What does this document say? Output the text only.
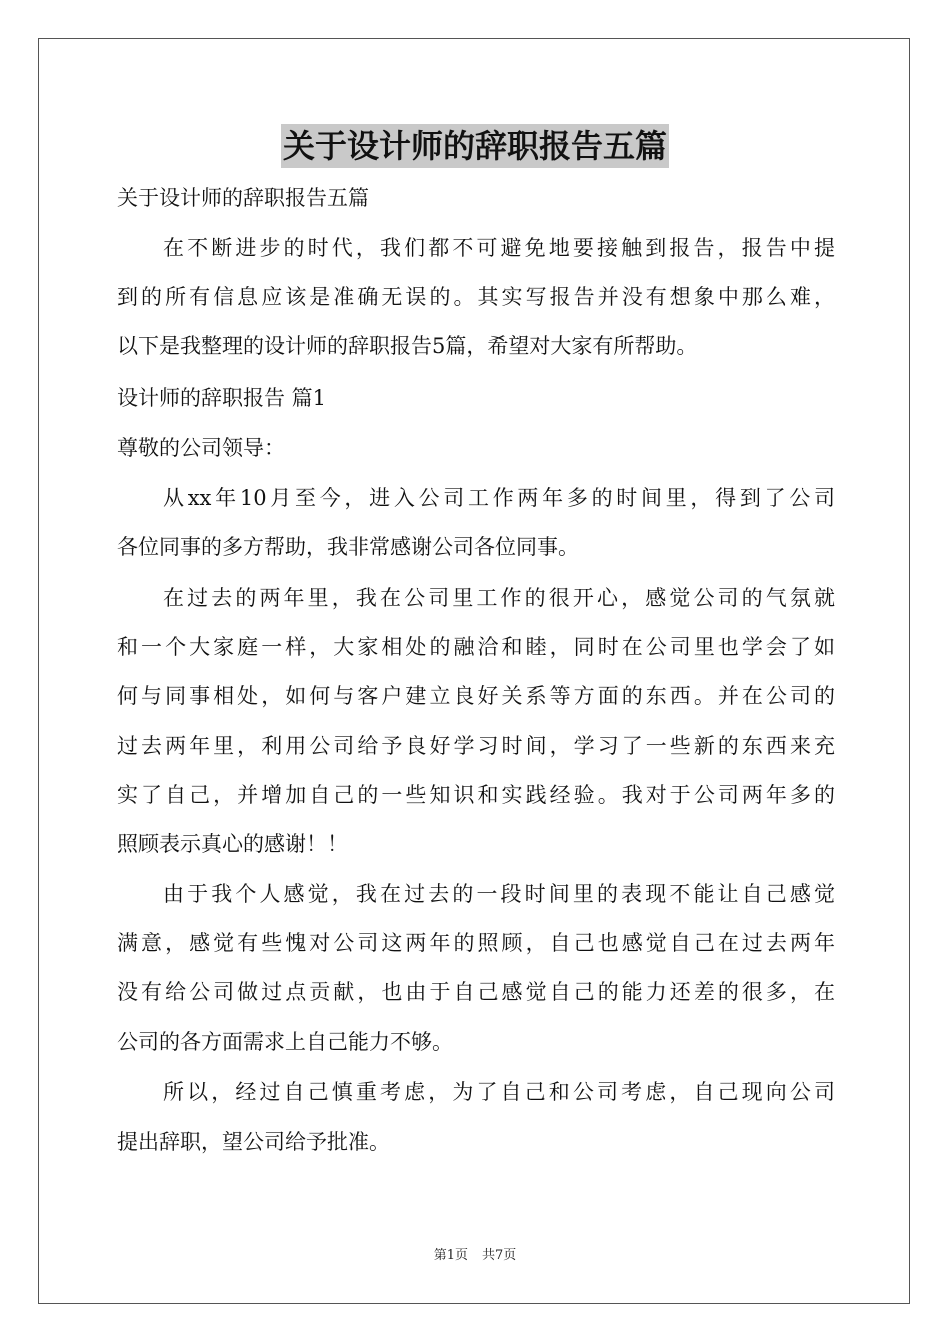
关于设计师的辞职报告五篇
关于设计师的辞职报告五篇
在不断进步的时代，我们都不可避免地要接触到报告，报告中提
到的所有信息应该是准确无误的。其实写报告并没有想象中那么难，
以下是我整理的设计师的辞职报告5篇，希望对大家有所帮助。
设计师的辞职报告 篇1
尊敬的公司领导：
从xx年10月至今，进入公司工作两年多的时间里，得到了公司
各位同事的多方帮助，我非常感谢公司各位同事。
在过去的两年里，我在公司里工作的很开心，感觉公司的气氛就
和一个大家庭一样，大家相处的融洽和睦，同时在公司里也学会了如
何与同事相处，如何与客户建立良好关系等方面的东西。并在公司的
过去两年里，利用公司给予良好学习时间，学习了一些新的东西来充
实了自己，并增加自己的一些知识和实践经验。我对于公司两年多的
照顾表示真心的感谢！！
由于我个人感觉，我在过去的一段时间里的表现不能让自己感觉
满意，感觉有些愧对公司这两年的照顾，自己也感觉自己在过去两年
没有给公司做过点贡献，也由于自己感觉自己的能力还差的很多，在
公司的各方面需求上自己能力不够。
所以，经过自己慎重考虑，为了自己和公司考虑，自己现向公司
提出辞职，望公司给予批准。
第1页 共7页
